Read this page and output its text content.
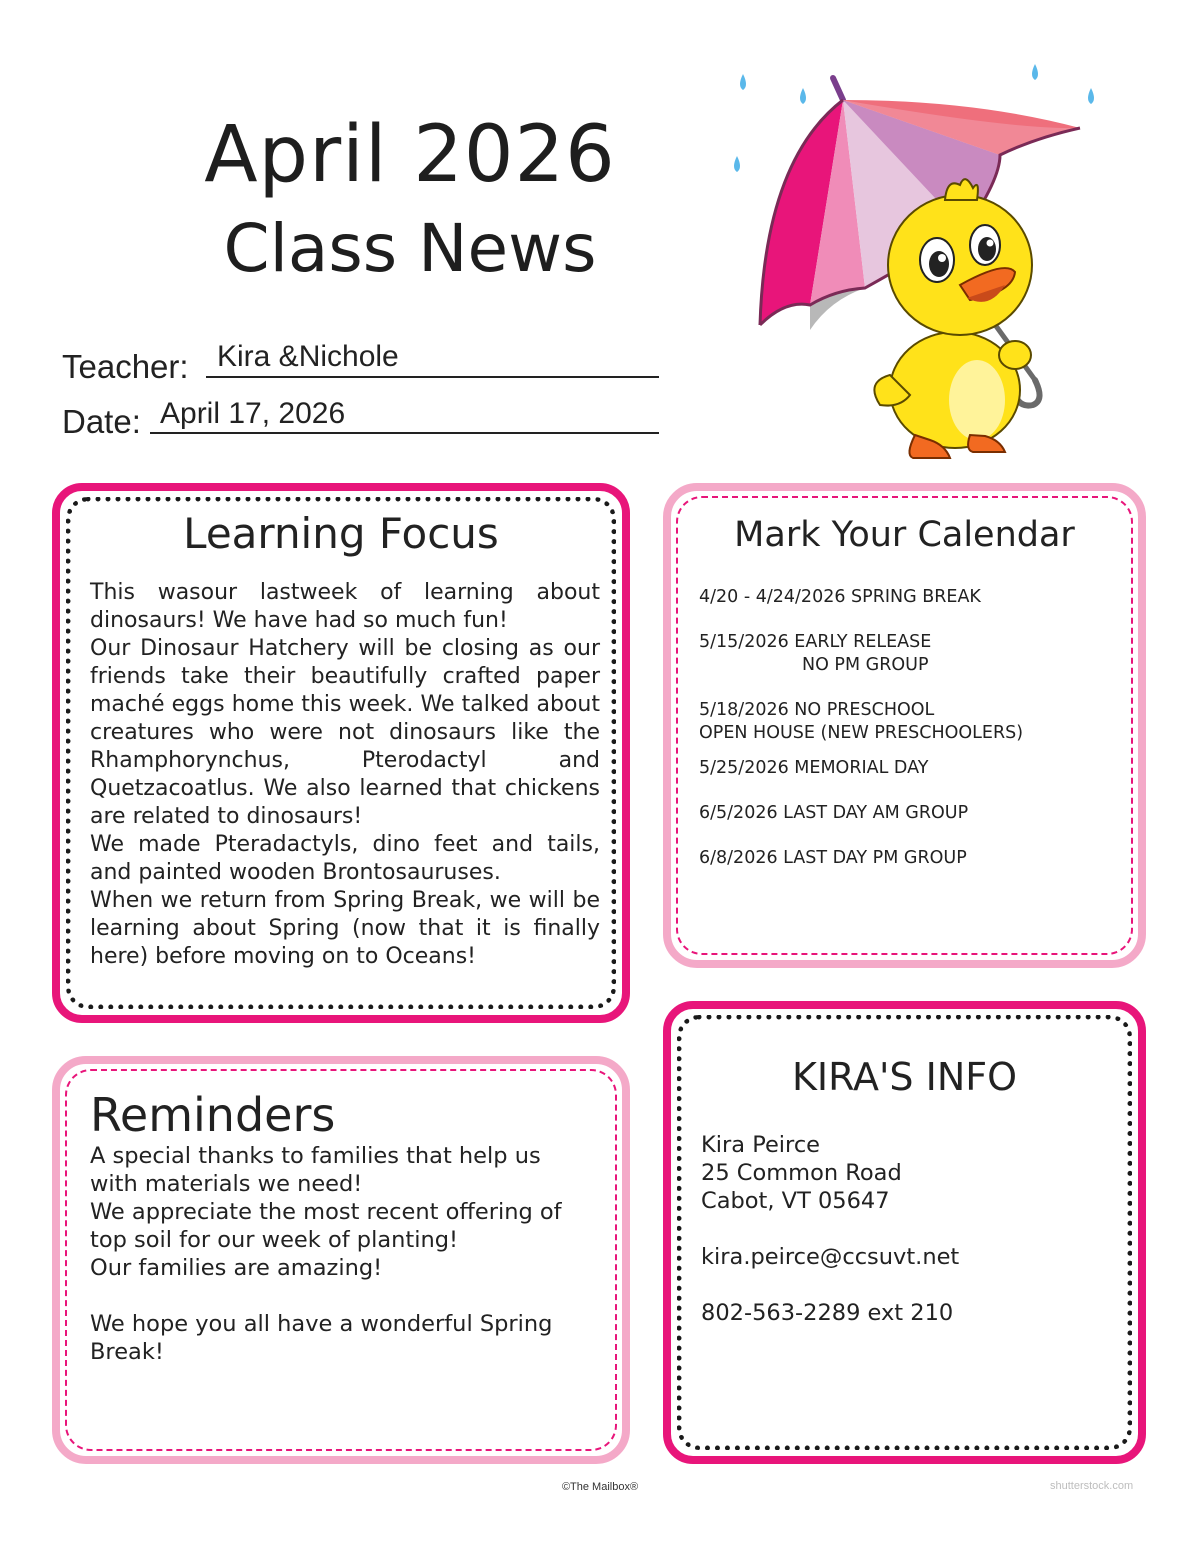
April 2026
Class News
Teacher: Kira &Nichole
Date: April 17, 2026
Learning Focus

This wasour lastweek of learning about dinosaurs! We have had so much fun!

Our Dinosaur Hatchery will be closing as our friends take their beautifully crafted paper maché eggs home this week. We talked about creatures who were not dinosaurs like the Rhamphorynchus, Pterodactyl and Quetzacoatlus. We also learned that chickens are related to dinosaurs!

We made Pteradactyls, dino feet and tails, and painted wooden Brontosauruses.

When we return from Spring Break, we will be learning about Spring (now that it is finally here) before moving on to Oceans!

Mark Your Calendar
4/20 - 4/24/2026 SPRING BREAK
5/15/2026 EARLY RELEASE
NO PM GROUP
5/18/2026 NO PRESCHOOL
OPEN HOUSE (NEW PRESCHOOLERS)
5/25/2026 MEMORIAL DAY
6/5/2026 LAST DAY AM GROUP
6/8/2026 LAST DAY PM GROUP
Reminders

A special thanks to families that help us with materials we need!

We appreciate the most recent offering of top soil for our week of planting!

Our families are amazing!

We hope you all have a wonderful Spring Break!

KIRA'S INFO

Kira Peirce

25 Common Road

Cabot, VT 05647

kira.peirce@ccsuvt.net

802-563-2289 ext 210

©The Mailbox®	shutterstock.com
